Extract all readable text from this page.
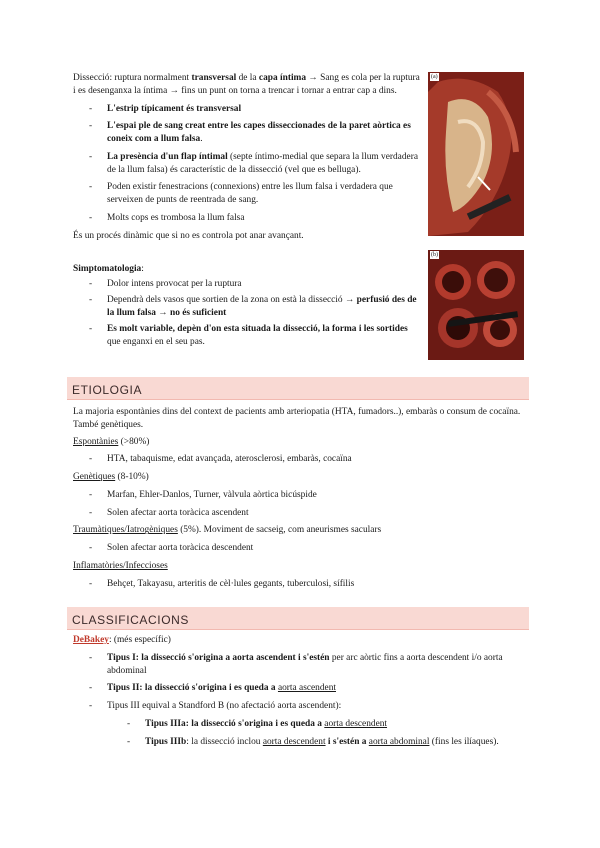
Dissecció: ruptura normalment transversal de la capa íntima → Sang es cola per la ruptura i es desenganxa la íntima → fins un punt on torna a trencar i tornar a entrar cap a dins.

- L'estrip típicament és transversal
- L'espai ple de sang creat entre les capes disseccionades de la paret aòrtica es coneix com a llum falsa.
- La presència d'un flap íntimal (septe íntimo-medial que separa la llum verdadera de la llum falsa) és característic de la dissecció (vel que es belluga).
- Poden existir fenestracions (connexions) entre les llum falsa i verdadera que serveixen de punts de reentrada de sang.
- Molts cops es trombosa la llum falsa

És un procés dinàmic que si no es controla pot anar avançant.

Simptomatologia:

- Dolor intens provocat per la ruptura
- Dependrà dels vasos que sortien de la zona on està la dissecció → perfusió des de la llum falsa → no és suficient
- Es molt variable, depèn d'on esta situada la dissecció, la forma i les sortides que enganxi en el seu pas.
(a)
(b)
ETIOLOGIA

La majoria espontànies dins del context de pacients amb arteriopatia (HTA, fumadors..), embaràs o consum de cocaïna. També genètiques.

Espontànies (>80%)

- HTA, tabaquisme, edat avançada, aterosclerosi, embaràs, cocaïna

Genètiques (8-10%)

- Marfan, Ehler-Danlos, Turner, vàlvula aòrtica bicúspide
- Solen afectar aorta toràcica ascendent

Traumàtiques/Iatrogèniques (5%). Moviment de sacseig, com aneurismes saculars

- Solen afectar aorta toràcica descendent

Inflamatòries/Infeccioses

- Behçet, Takayasu, arteritis de cèl·lules gegants, tuberculosi, sífilis
CLASSIFICACIONS

DeBakey: (més específic)

- Tipus I: la dissecció s'origina a aorta ascendent i s'estén per arc aòrtic fins a aorta descendent i/o aorta abdominal
- Tipus II: la dissecció s'origina i es queda a aorta ascendent
- Tipus III equival a Standford B (no afectació aorta ascendent):
- Tipus IIIa: la dissecció s'origina i es queda a aorta descendent
- Tipus IIIb: la dissecció inclou aorta descendent i s'estén a aorta abdominal (fins les ilíaques).
